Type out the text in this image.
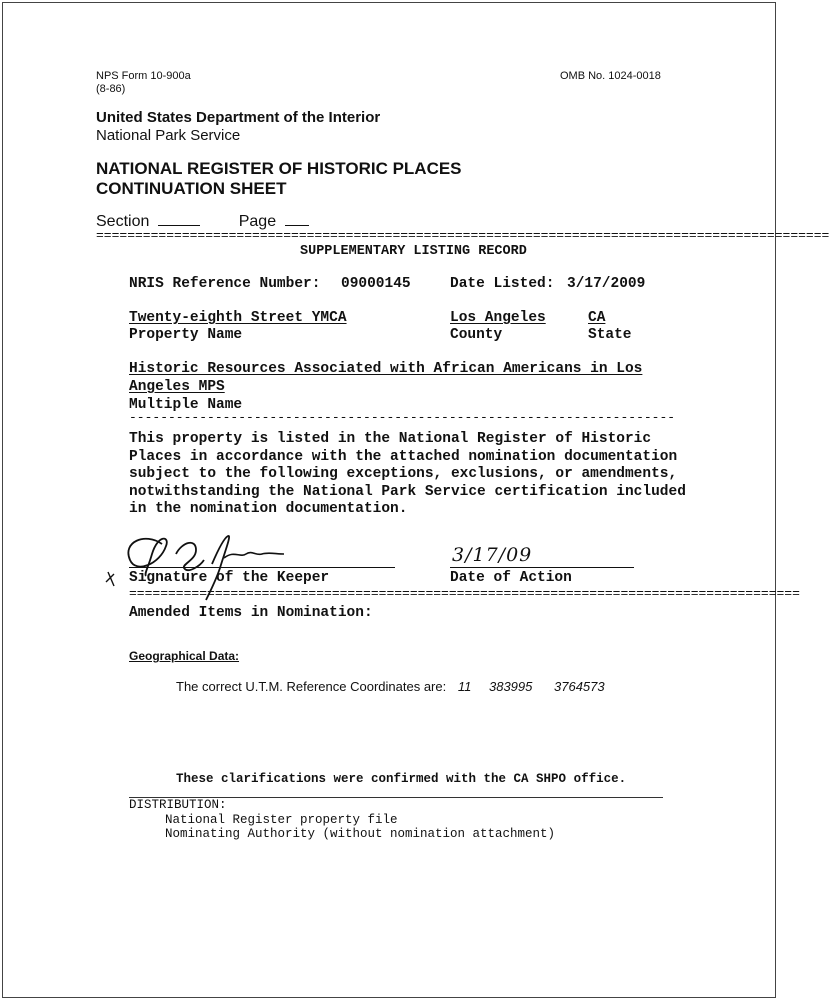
NPS Form 10-900a
(8-86)
OMB No. 1024-0018
United States Department of the Interior
National Park Service
NATIONAL REGISTER OF HISTORIC PLACES
CONTINUATION SHEET
Section	Page
==============================================================================================
SUPPLEMENTARY LISTING RECORD
NRIS Reference Number: 09000145	Date Listed: 3/17/2009
Twenty-eighth Street YMCA
Property Name
Los Angeles
County
CA
State
Historic Resources Associated with African Americans in Los
Angeles MPS
Multiple Name
----------------------------------------------------------------------
This property is listed in the National Register of Historic
Places in accordance with the attached nomination documentation
subject to the following exceptions, exclusions, or amendments,
notwithstanding the National Park Service certification included
in the nomination documentation.
Signature of the Keeper
3/17/09
Date of Action
======================================================================================
Amended Items in Nomination:
Geographical Data:
The correct U.T.M. Reference Coordinates are: 11 383995 3764573
These clarifications were confirmed with the CA SHPO office.
DISTRIBUTION:
National Register property file
Nominating Authority (without nomination attachment)
